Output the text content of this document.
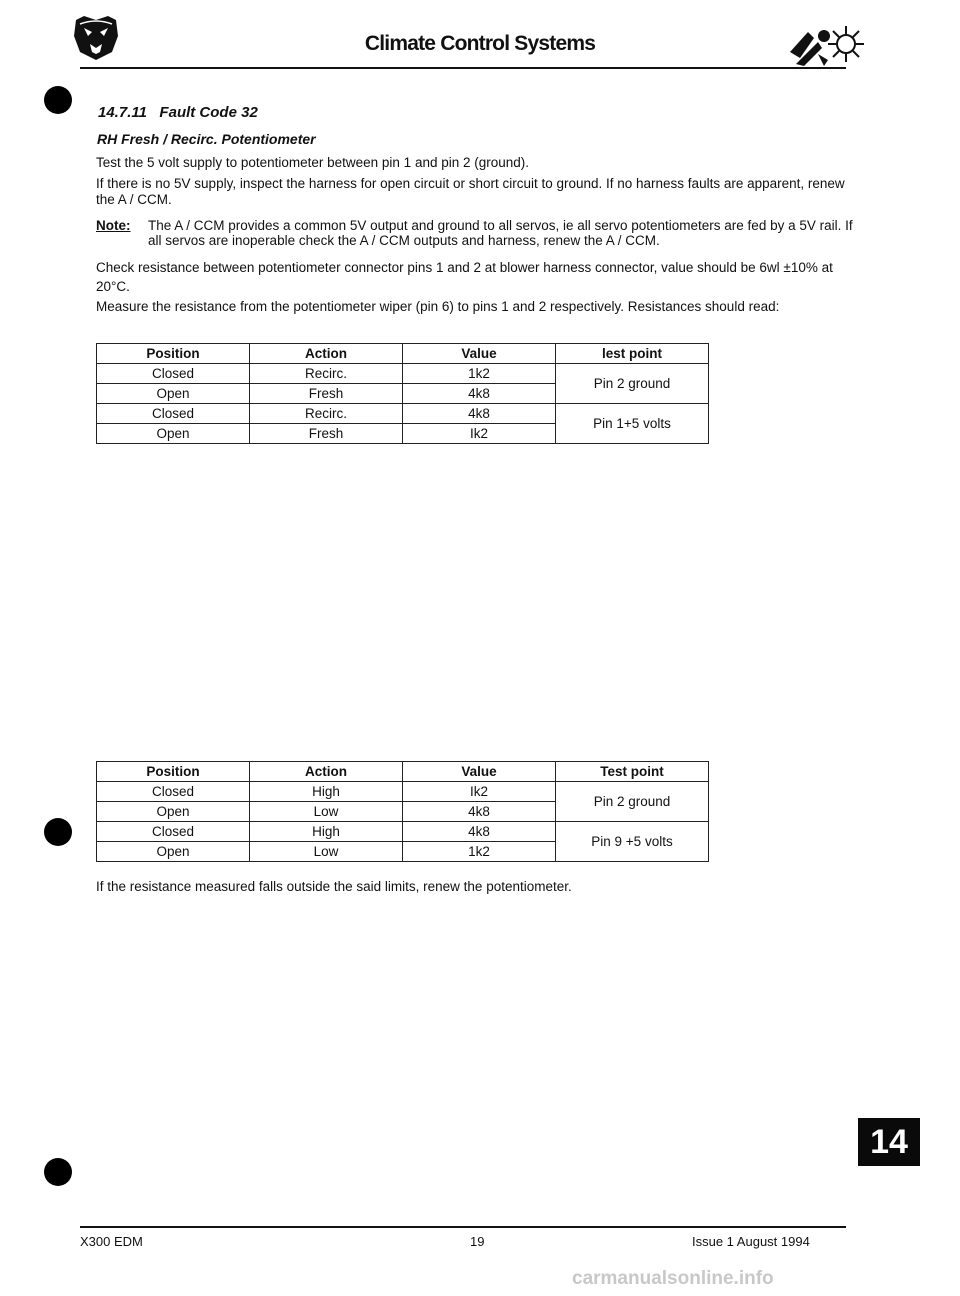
Climate Control Systems
14.7.11   Fault Code 32
RH Fresh / Recirc. Potentiometer
Test the 5 volt supply to potentiometer between pin 1 and pin 2 (ground).
If there is no 5V supply, inspect the harness for open circuit or short circuit to ground. If no harness faults are apparent, renew the A / CCM.
Note: The A / CCM provides a common 5V output and ground to all servos, ie all servo potentiometers are fed by a 5V rail. If all servos are inoperable check the A / CCM outputs and harness, renew the A / CCM.
Check resistance between potentiometer connector pins 1 and 2 at blower harness connector, value should be 6wl ±10% at 20°C.
Measure the resistance from the potentiometer wiper (pin 6) to pins 1 and 2 respectively. Resistances should read:
Position	Action	Value	lest point
Closed	Recirc.	1k2	Pin 2 ground
Open	Fresh	4k8	
Closed	Recirc.	4k8	Pin 1+5 volts
Open	Fresh	Ik2	
Position	Action	Value	Test point
Closed	High	Ik2	Pin 2 ground
Open	Low	4k8	
Closed	High	4k8	Pin 9 +5 volts
Open	Low	1k2	
If the resistance measured falls outside the said limits, renew the potentiometer.
14
X300 EDM	19	Issue 1 August 1994
carmanualsonline.info
